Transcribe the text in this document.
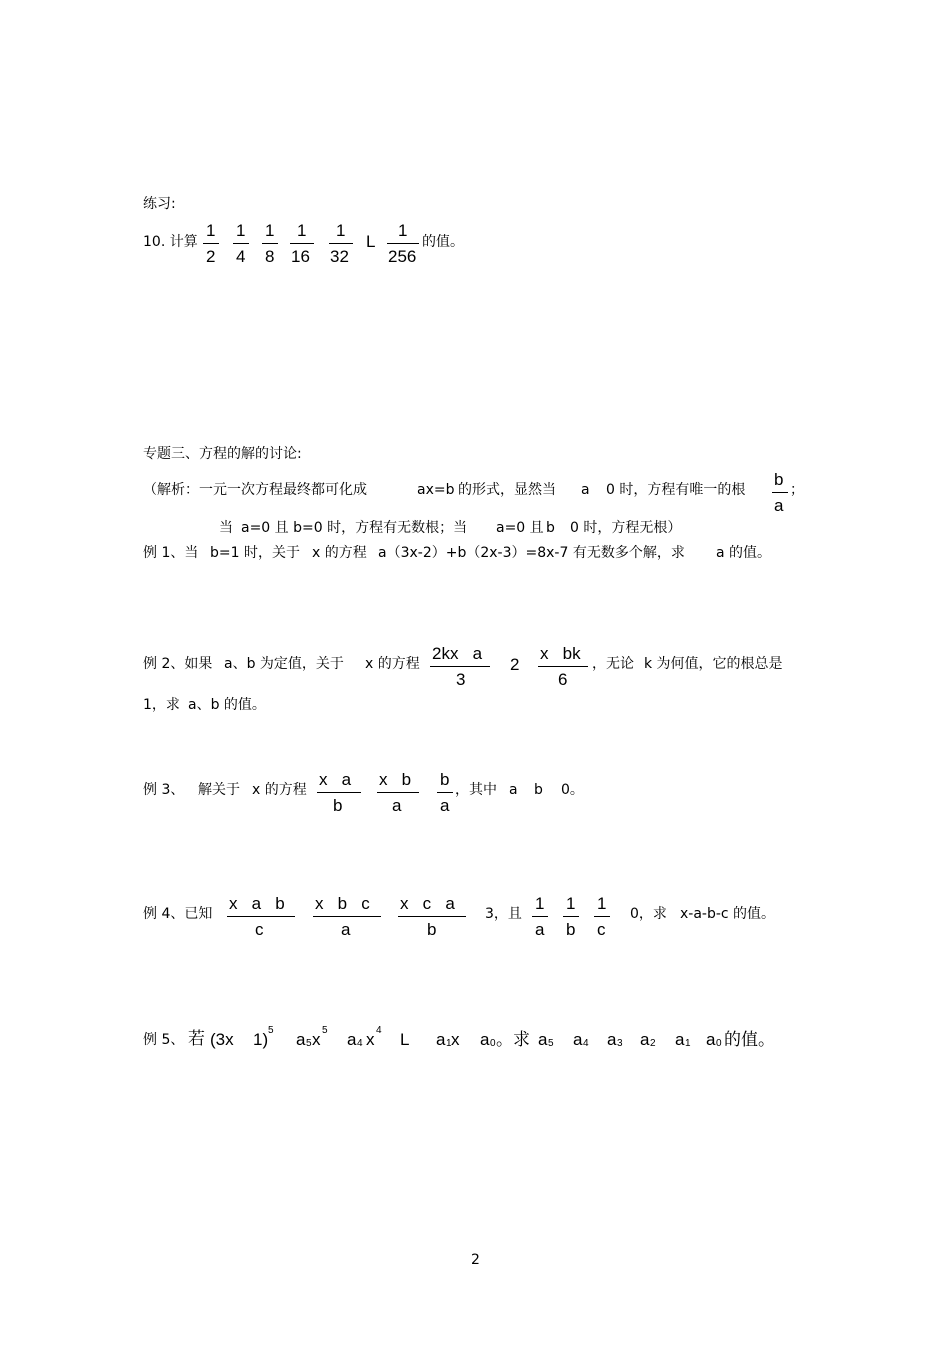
练习:
10. 计算
1
2
1
4
1
8
1
16
1
32
L
1
256
的值。
专题三、方程的解的讨论:
（解析：一元一次方程最终都可化成	ax=b 的形式，显然当 a 0 时，方程有唯一的根
b
a
；
当 a=0 且 b=0 时，方程有无数根；当 a=0 且 b 0 时，方程无根）
例 1、当 b=1 时，关于 x 的方程 a（3x-2）+b（2x-3）=8x-7 有无数多个解，求 a 的值。
例 2、如果 a、b 为定值，关于 x 的方程
2kx   a
3
2
x   bk
6
，无论 k 为何值，它的根总是
1，求 a、b 的值。
例 3、 解关于 x 的方程
x   a
b
x   b
a
b
a
，其中 a b 0。
例 4、已知
x   a   b
c
x   b   c
a
x   c   a
b
3，且
1
a
1
b
1
c
0，求 x-a-b-c 的值。
例 5、 若 (3x 1) 5 a 5 x 5 a 4 x 4 L a 1 x a 0 。求 a 5 a 4 a 3 a 2 a 1 a 0 的值。
2
